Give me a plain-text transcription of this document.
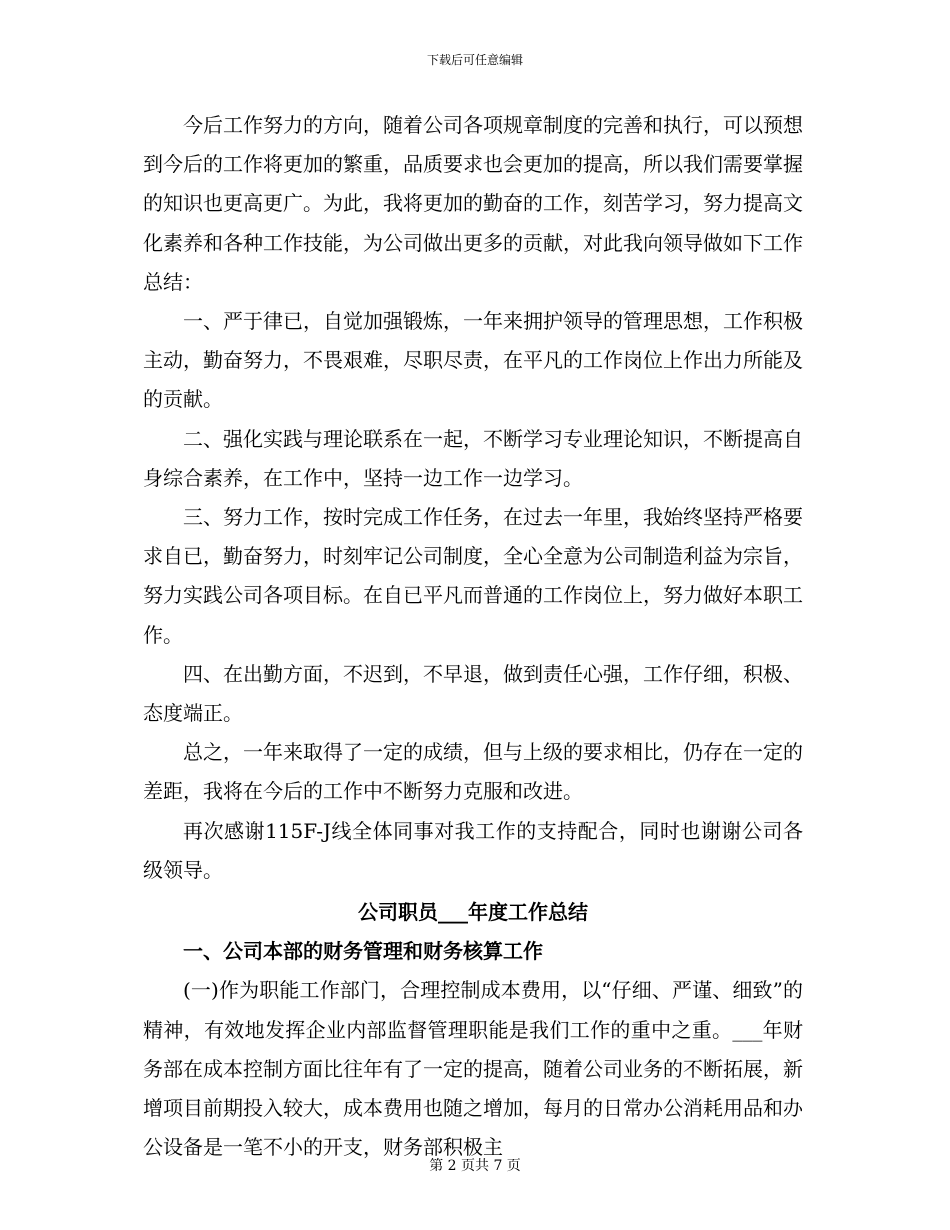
下载后可任意编辑

今后工作努力的方向，随着公司各项规章制度的完善和执行，可以预想到今后的工作将更加的繁重，品质要求也会更加的提高，所以我们需要掌握的知识也更高更广。为此，我将更加的勤奋的工作，刻苦学习，努力提高文化素养和各种工作技能，为公司做出更多的贡献，对此我向领导做如下工作总结：

一、严于律已，自觉加强锻炼，一年来拥护领导的管理思想，工作积极主动，勤奋努力，不畏艰难，尽职尽责，在平凡的工作岗位上作出力所能及的贡献。

二、强化实践与理论联系在一起，不断学习专业理论知识，不断提高自身综合素养，在工作中，坚持一边工作一边学习。

三、努力工作，按时完成工作任务，在过去一年里，我始终坚持严格要求自已，勤奋努力，时刻牢记公司制度，全心全意为公司制造利益为宗旨，努力实践公司各项目标。在自已平凡而普通的工作岗位上，努力做好本职工作。

四、在出勤方面，不迟到，不早退，做到责任心强，工作仔细，积极、态度端正。

总之，一年来取得了一定的成绩，但与上级的要求相比，仍存在一定的差距，我将在今后的工作中不断努力克服和改进。

再次感谢115F-J线全体同事对我工作的支持配合，同时也谢谢公司各级领导。

公司职员___年度工作总结

一、公司本部的财务管理和财务核算工作

(一)作为职能工作部门，合理控制成本费用，以“仔细、严谨、细致”的精神，有效地发挥企业内部监督管理职能是我们工作的重中之重。___年财务部在成本控制方面比往年有了一定的提高，随着公司业务的不断拓展，新增项目前期投入较大，成本费用也随之增加，每月的日常办公消耗用品和办公设备是一笔不小的开支，财务部积极主

第 2 页共 7 页
